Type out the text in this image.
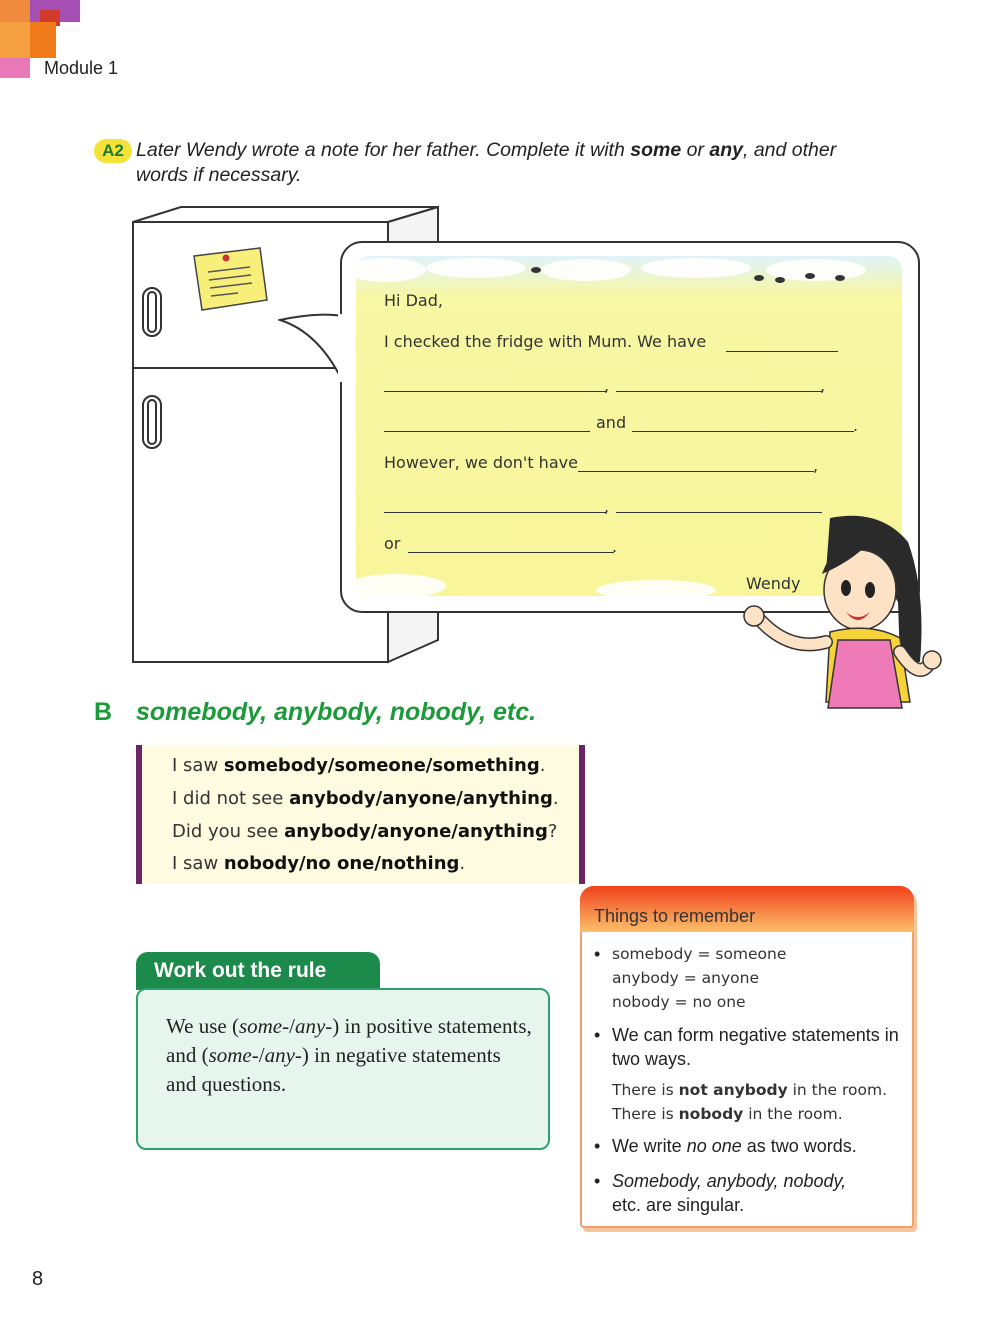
Module 1
A2 Later Wendy wrote a note for her father. Complete it with some or any, and other words if necessary.
Hi Dad,
I checked the fridge with Mum. We have
,	,
and	.
However, we don't have	,
,
or	.
Wendy
B somebody, anybody, nobody, etc.
I saw somebody/someone/something.
I did not see anybody/anyone/anything.
Did you see anybody/anyone/anything?
I saw nobody/no one/nothing.
Work out the rule
We use (some-/any-) in positive statements, and (some-/any-) in negative statements and questions.
Things to remember
• somebody = someone
anybody = anyone
nobody = no one
• We can form negative statements in two ways.
There is not anybody in the room.
There is nobody in the room.
• We write no one as two words.
• Somebody, anybody, nobody,
etc. are singular.
8
